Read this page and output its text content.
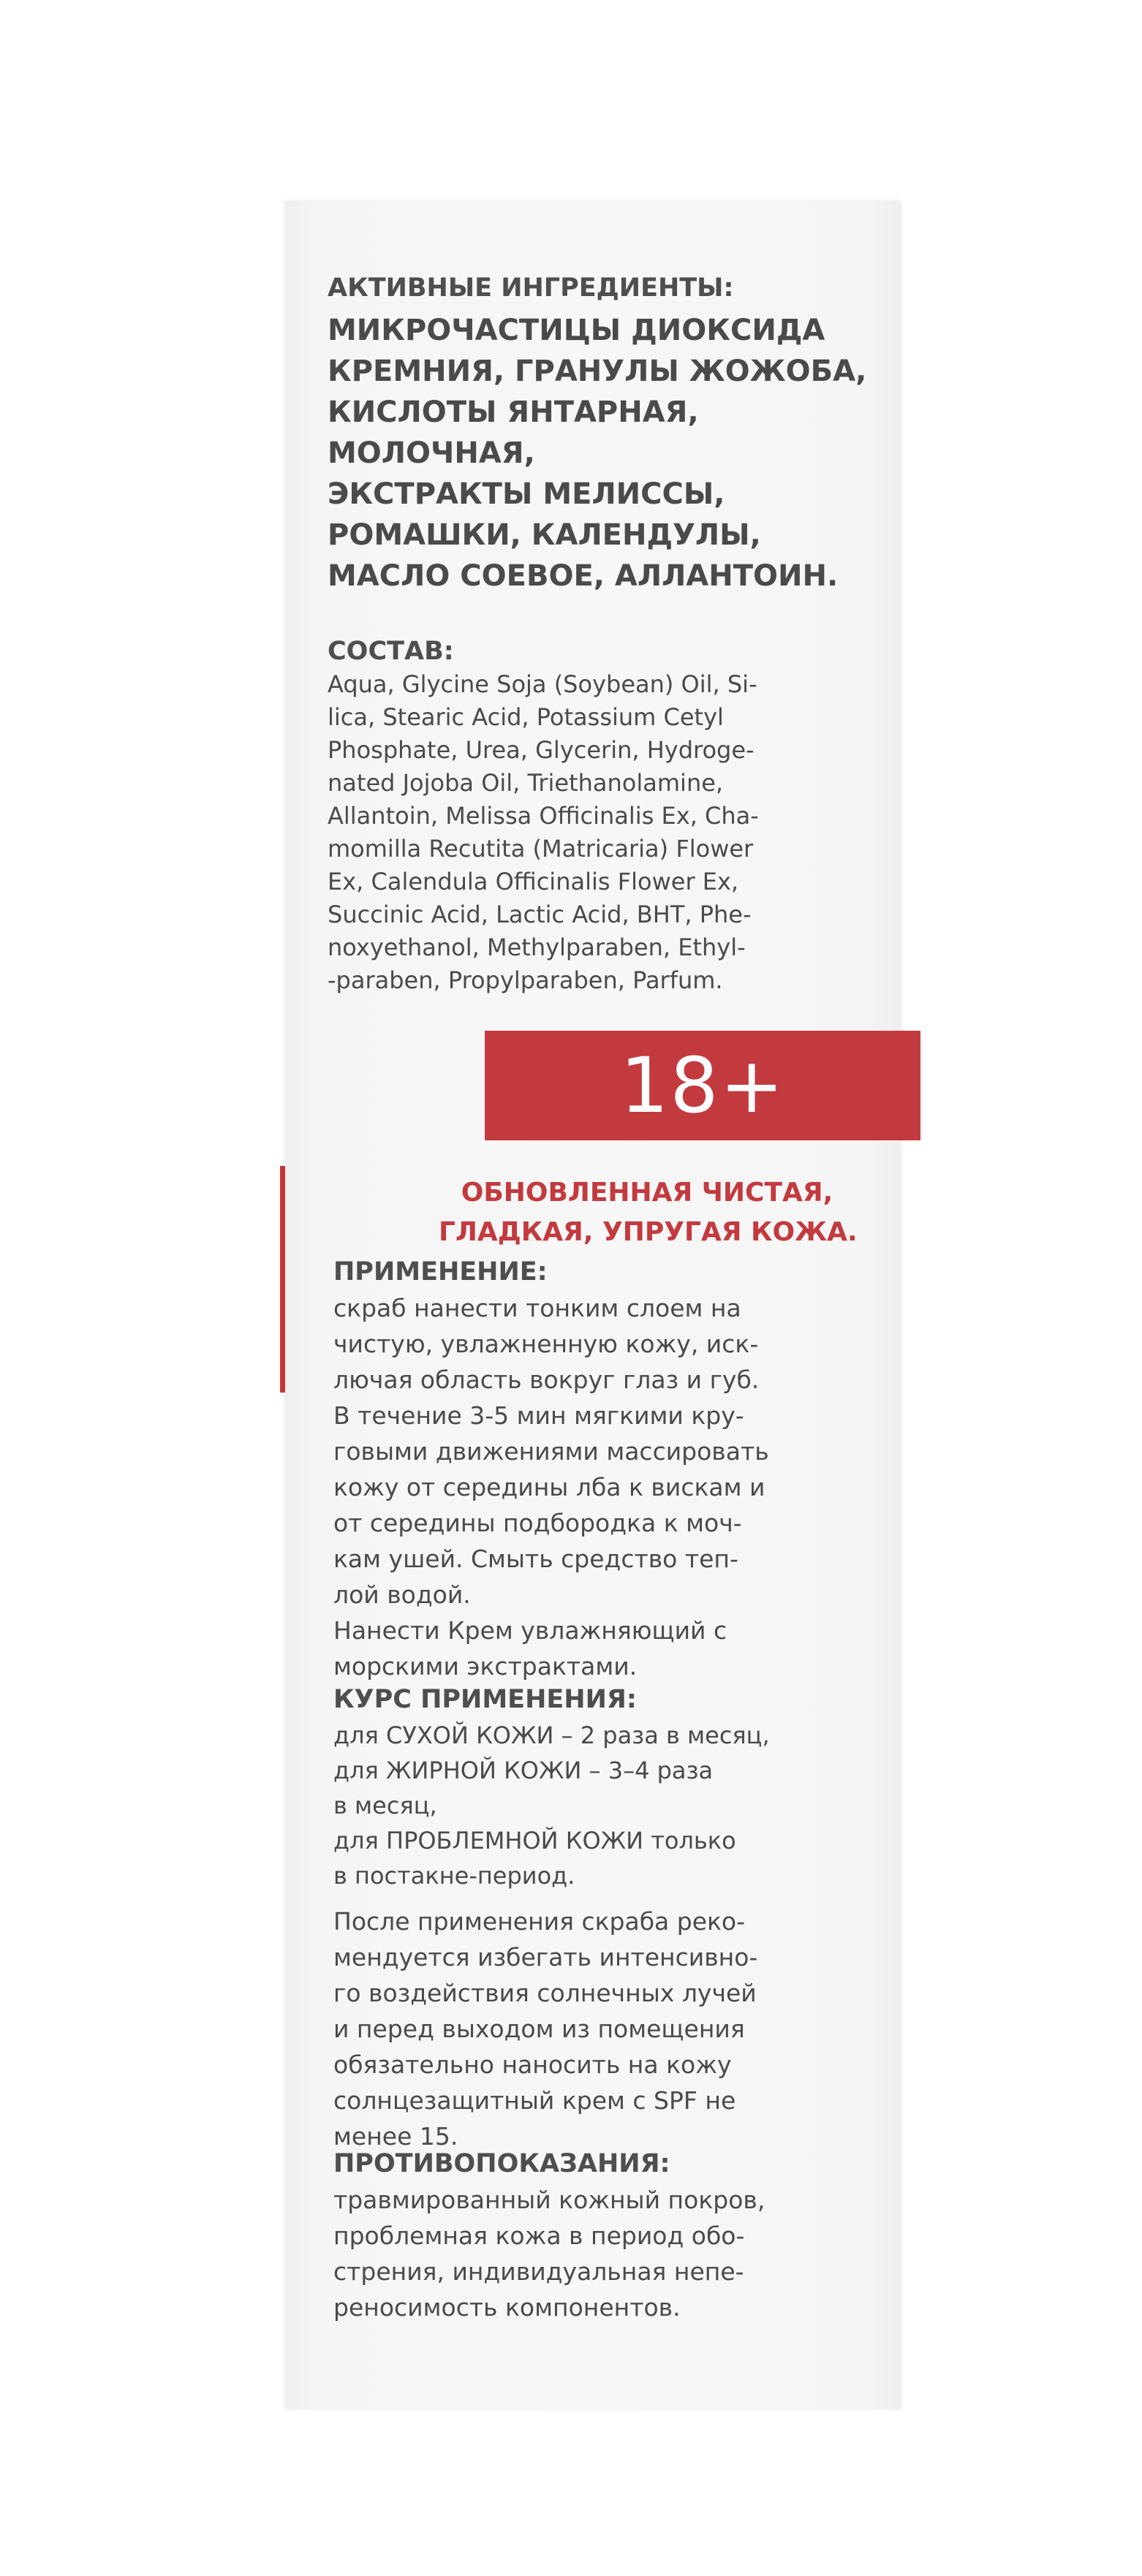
АКТИВНЫЕ ИНГРЕДИЕНТЫ:
МИКРОЧАСТИЦЫ ДИОКСИДА
КРЕМНИЯ, ГРАНУЛЫ ЖОЖОБА,
КИСЛОТЫ ЯНТАРНАЯ,
МОЛОЧНАЯ,
ЭКСТРАКТЫ МЕЛИССЫ,
РОМАШКИ, КАЛЕНДУЛЫ,
МАСЛО СОЕВОЕ, АЛЛАНТОИН.
СОСТАВ:
Aqua, Glycine Soja (Soybean) Oil, Si-
lica, Stearic Acid, Potassium Cetyl
Phosphate, Urea, Glycerin, Hydroge-
nated Jojoba Oil, Triethanolamine,
Allantoin, Melissa Officinalis Ex, Cha-
momilla Recutita (Matricaria) Flower
Ex, Calendula Officinalis Flower Ex,
Succinic Acid, Lactic Acid, BHT, Phe-
noxyethanol, Methylparaben, Ethyl-
-paraben, Propylparaben, Parfum.
18+
ОБНОВЛЕННАЯ ЧИСТАЯ,
ГЛАДКАЯ, УПРУГАЯ КОЖА.
ПРИМЕНЕНИЕ:
скраб нанести тонким слоем на
чистую, увлажненную кожу, иск-
лючая область вокруг глаз и губ.
В течение 3-5 мин мягкими кру-
говыми движениями массировать
кожу от середины лба к вискам и
от середины подбородка к моч-
кам ушей. Смыть средство теп-
лой водой.
Нанести Крем увлажняющий с
морскими экстрактами.
КУРС ПРИМЕНЕНИЯ:
для СУХОЙ КОЖИ – 2 раза в месяц,
для ЖИРНОЙ КОЖИ – 3–4 раза
в месяц,
для ПРОБЛЕМНОЙ КОЖИ только
в постакне-период.
После применения скраба реко-
мендуется избегать интенсивно-
го воздействия солнечных лучей
и перед выходом из помещения
обязательно наносить на кожу
солнцезащитный крем с SPF не
менее 15.
ПРОТИВОПОКАЗАНИЯ:
травмированный кожный покров,
проблемная кожа в период обо-
стрения, индивидуальная непе-
реносимость компонентов.
